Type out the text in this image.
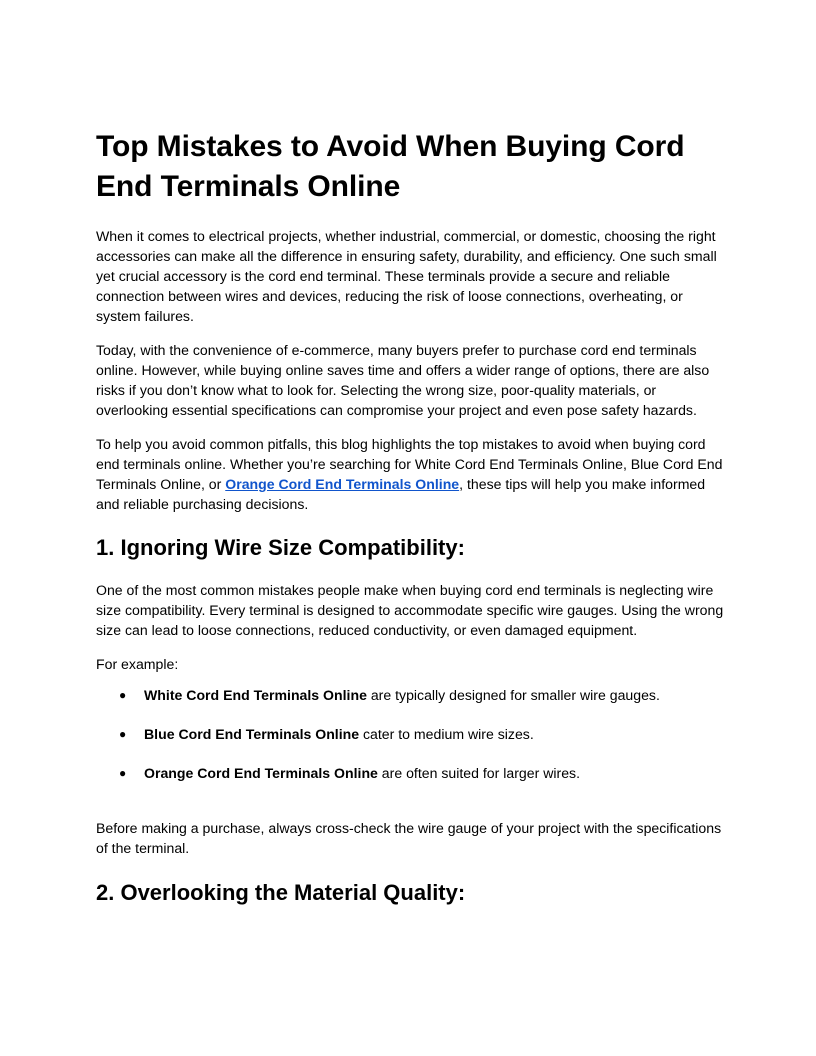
Top Mistakes to Avoid When Buying Cord
End Terminals Online

When it comes to electrical projects, whether industrial, commercial, or domestic, choosing the right accessories can make all the difference in ensuring safety, durability, and efficiency. One such small yet crucial accessory is the cord end terminal. These terminals provide a secure and reliable connection between wires and devices, reducing the risk of loose connections, overheating, or system failures.

Today, with the convenience of e-commerce, many buyers prefer to purchase cord end terminals online. However, while buying online saves time and offers a wider range of options, there are also risks if you don’t know what to look for. Selecting the wrong size, poor-quality materials, or overlooking essential specifications can compromise your project and even pose safety hazards.

To help you avoid common pitfalls, this blog highlights the top mistakes to avoid when buying cord end terminals online. Whether you’re searching for White Cord End Terminals Online, Blue Cord End Terminals Online, or Orange Cord End Terminals Online, these tips will help you make informed and reliable purchasing decisions.

1. Ignoring Wire Size Compatibility:

One of the most common mistakes people make when buying cord end terminals is neglecting wire size compatibility. Every terminal is designed to accommodate specific wire gauges. Using the wrong size can lead to loose connections, reduced conductivity, or even damaged equipment.

For example:

● White Cord End Terminals Online are typically designed for smaller wire gauges.
● Blue Cord End Terminals Online cater to medium wire sizes.
● Orange Cord End Terminals Online are often suited for larger wires.

Before making a purchase, always cross-check the wire gauge of your project with the specifications of the terminal.

2. Overlooking the Material Quality:
